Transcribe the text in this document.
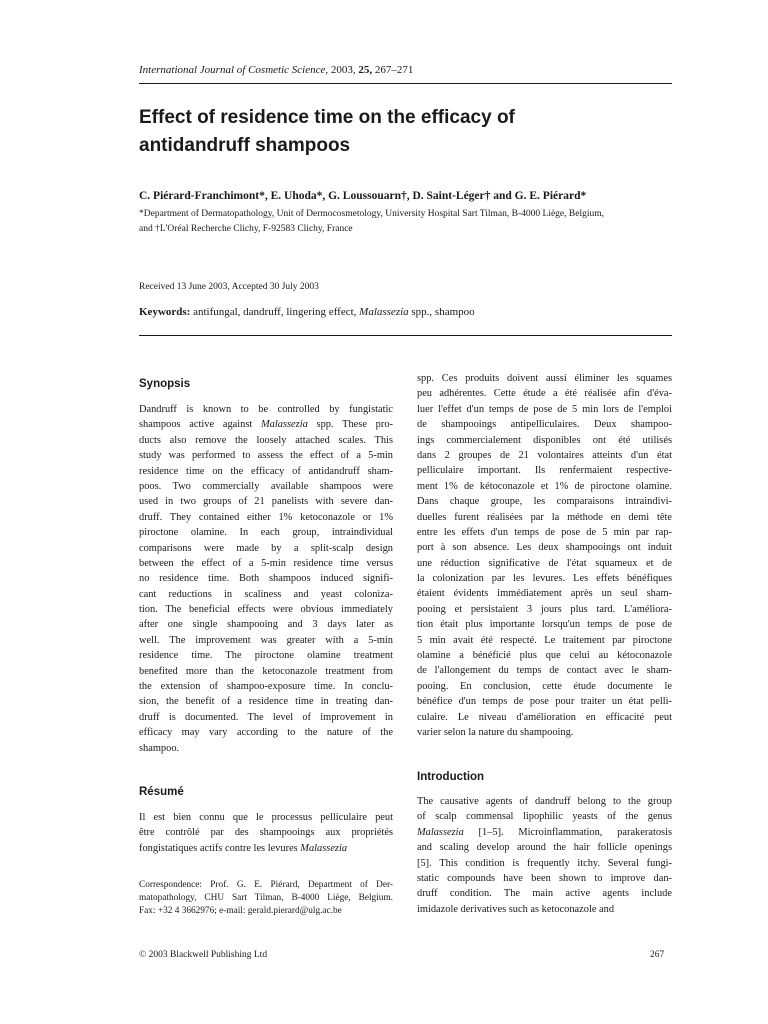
International Journal of Cosmetic Science, 2003, 25, 267–271
Effect of residence time on the efficacy of
antidandruff shampoos
C. Piérard-Franchimont*, E. Uhoda*, G. Loussouarn†, D. Saint-Léger† and G. E. Piérard*
*Department of Dermatopathology, Unit of Dermocosmetology, University Hospital Sart Tilman, B-4000 Liège, Belgium,
and †L'Oréal Recherche Clichy, F-92583 Clichy, France
Received 13 June 2003, Accepted 30 July 2003
Keywords: antifungal, dandruff, lingering effect, Malassezia spp., shampoo
Synopsis
Dandruff is known to be controlled by fungistatic
shampoos active against Malassezia spp. These pro-
ducts also remove the loosely attached scales. This
study was performed to assess the effect of a 5-min
residence time on the efficacy of antidandruff sham-
poos. Two commercially available shampoos were
used in two groups of 21 panelists with severe dan-
druff. They contained either 1% ketoconazole or 1%
piroctone olamine. In each group, intraindividual
comparisons were made by a split-scalp design
between the effect of a 5-min residence time versus
no residence time. Both shampoos induced signifi-
cant reductions in scaliness and yeast coloniza-
tion. The beneficial effects were obvious immediately
after one single shampooing and 3 days later as
well. The improvement was greater with a 5-min
residence time. The piroctone olamine treatment
benefited more than the ketoconazole treatment from
the extension of shampoo-exposure time. In conclu-
sion, the benefit of a residence time in treating dan-
druff is documented. The level of improvement in
efficacy may vary according to the nature of the
shampoo.
Résumé
Il est bien connu que le processus pelliculaire peut
être contrôlé par des shampooings aux propriétés
fongistatiques actifs contre les levures Malassezia
Correspondence: Prof. G. E. Piérard, Department of Der-
matopathology, CHU Sart Tilman, B-4000 Liège, Belgium.
Fax: +32 4 3662976; e-mail: gerald.pierard@ulg.ac.be
spp. Ces produits doivent aussi éliminer les squames
peu adhérentes. Cette étude a été réalisée afin d'éva-
luer l'effet d'un temps de pose de 5 min lors de l'emploi
de shampooings antipelliculaires. Deux shampoo-
ings commercialement disponibles ont été utilisés
dans 2 groupes de 21 volontaires atteints d'un état
pelliculaire important. Ils renfermaient respective-
ment 1% de kétoconazole et 1% de piroctone olamine.
Dans chaque groupe, les comparaisons intraindivi-
duelles furent réalisées par la méthode en demi tête
entre les effets d'un temps de pose de 5 min par rap-
port à son absence. Les deux shampooings ont induit
une réduction significative de l'état squameux et de
la colonization par les levures. Les effets bénéfiques
étaient évidents immédiatement après un seul sham-
pooing et persistaient 3 jours plus tard. L'améliora-
tion était plus importante lorsqu'un temps de pose de
5 min avait été respecté. Le traitement par piroctone
olamine a bénéficié plus que celui au kétoconazole
de l'allongement du temps de contact avec le sham-
pooing. En conclusion, cette étude documente le
bénéfice d'un temps de pose pour traiter un état pelli-
culaire. Le niveau d'amélioration en efficacité peut
varier selon la nature du shampooing.
Introduction
The causative agents of dandruff belong to the group
of scalp commensal lipophilic yeasts of the genus
Malassezia [1–5]. Microinflammation, parakeratosis
and scaling develop around the hair follicle openings
[5]. This condition is frequently itchy. Several fungi-
static compounds have been shown to improve dan-
druff condition. The main active agents include
imidazole derivatives such as ketoconazole and
© 2003 Blackwell Publishing Ltd	267
